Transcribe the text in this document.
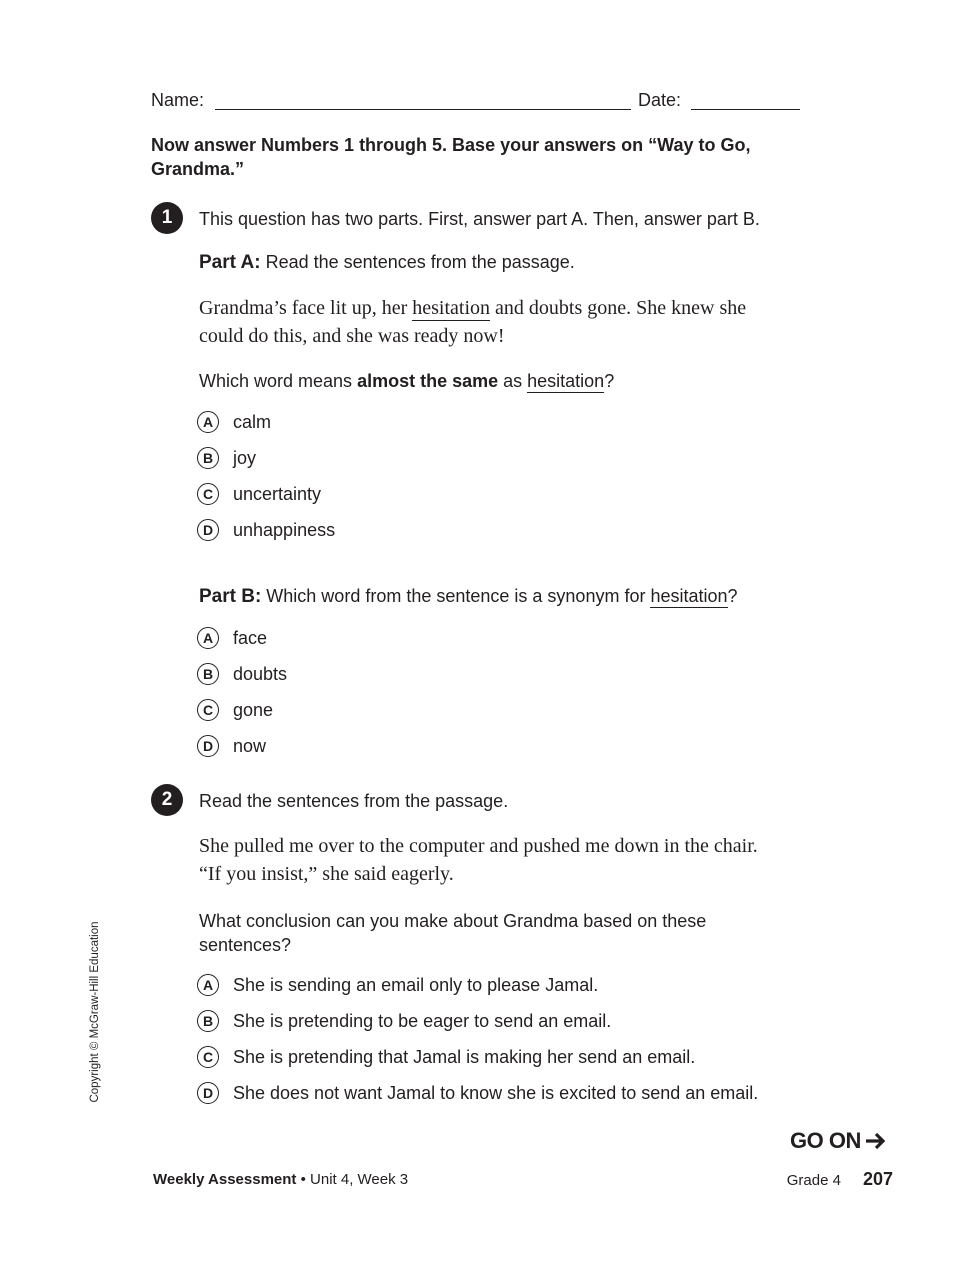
Name:	Date:
Now answer Numbers 1 through 5. Base your answers on “Way to Go, Grandma.”
1	This question has two parts. First, answer part A. Then, answer part B.
Part A: Read the sentences from the passage.
Grandma’s face lit up, her hesitation and doubts gone. She knew she
could do this, and she was ready now!
Which word means almost the same as hesitation?
A	calm
B	joy
C	uncertainty
D	unhappiness
Part B: Which word from the sentence is a synonym for hesitation?
A	face
B	doubts
C	gone
D	now
2	Read the sentences from the passage.
She pulled me over to the computer and pushed me down in the chair.
“If you insist,” she said eagerly.
What conclusion can you make about Grandma based on these
sentences?
A	She is sending an email only to please Jamal.
B	She is pretending to be eager to send an email.
C	She is pretending that Jamal is making her send an email.
D	She does not want Jamal to know she is excited to send an email.
GO ON
Weekly Assessment • Unit 4, Week 3	Grade 4 207
Copyright © McGraw-Hill Education
